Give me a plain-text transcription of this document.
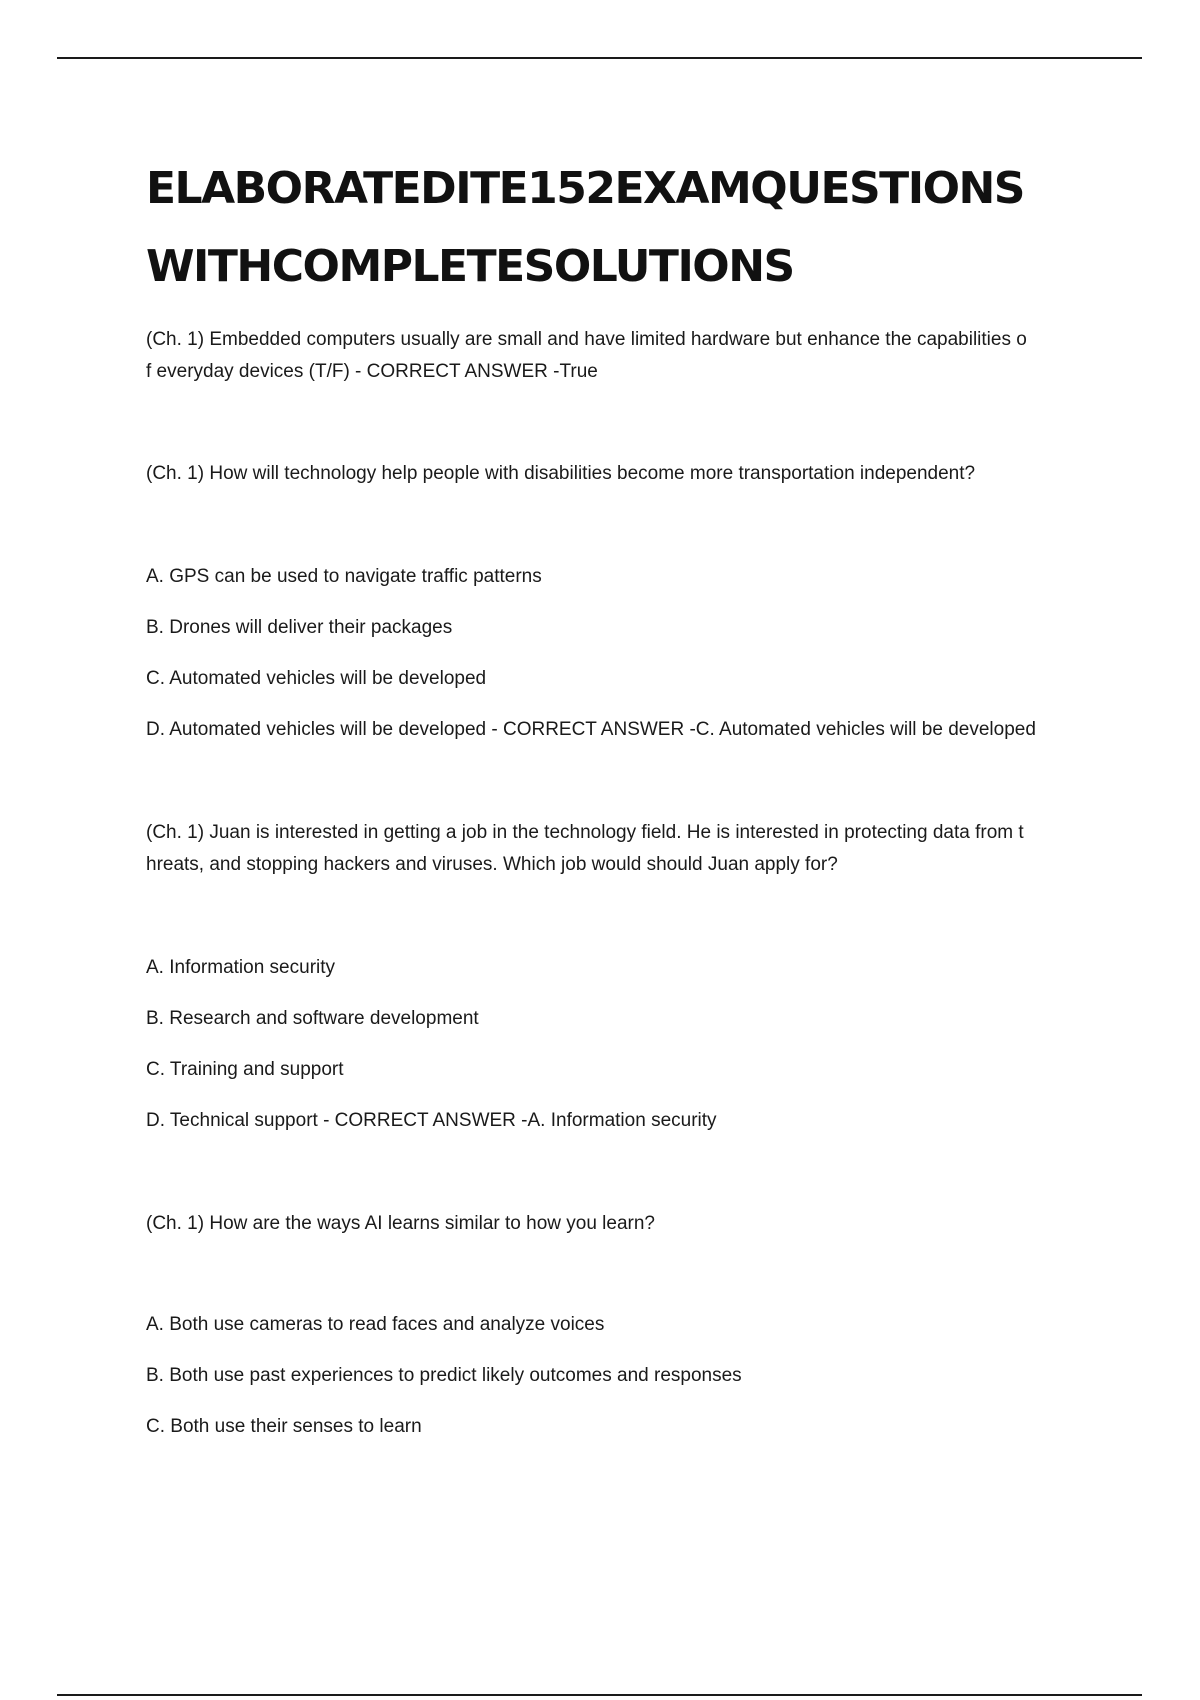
ELABORATEDITE152EXAMQUESTIONS
WITHCOMPLETESOLUTIONS

(Ch. 1) Embedded computers usually are small and have limited hardware but enhance the capabilities o
f everyday devices (T/F) - CORRECT ANSWER -True

(Ch. 1) How will technology help people with disabilities become more transportation independent?

A. GPS can be used to navigate traffic patterns

B. Drones will deliver their packages

C. Automated vehicles will be developed

D. Automated vehicles will be developed - CORRECT ANSWER -C. Automated vehicles will be developed

(Ch. 1) Juan is interested in getting a job in the technology field. He is interested in protecting data from t
hreats, and stopping hackers and viruses. Which job would should Juan apply for?

A. Information security

B. Research and software development

C. Training and support

D. Technical support - CORRECT ANSWER -A. Information security

(Ch. 1) How are the ways AI learns similar to how you learn?

A. Both use cameras to read faces and analyze voices

B. Both use past experiences to predict likely outcomes and responses

C. Both use their senses to learn
